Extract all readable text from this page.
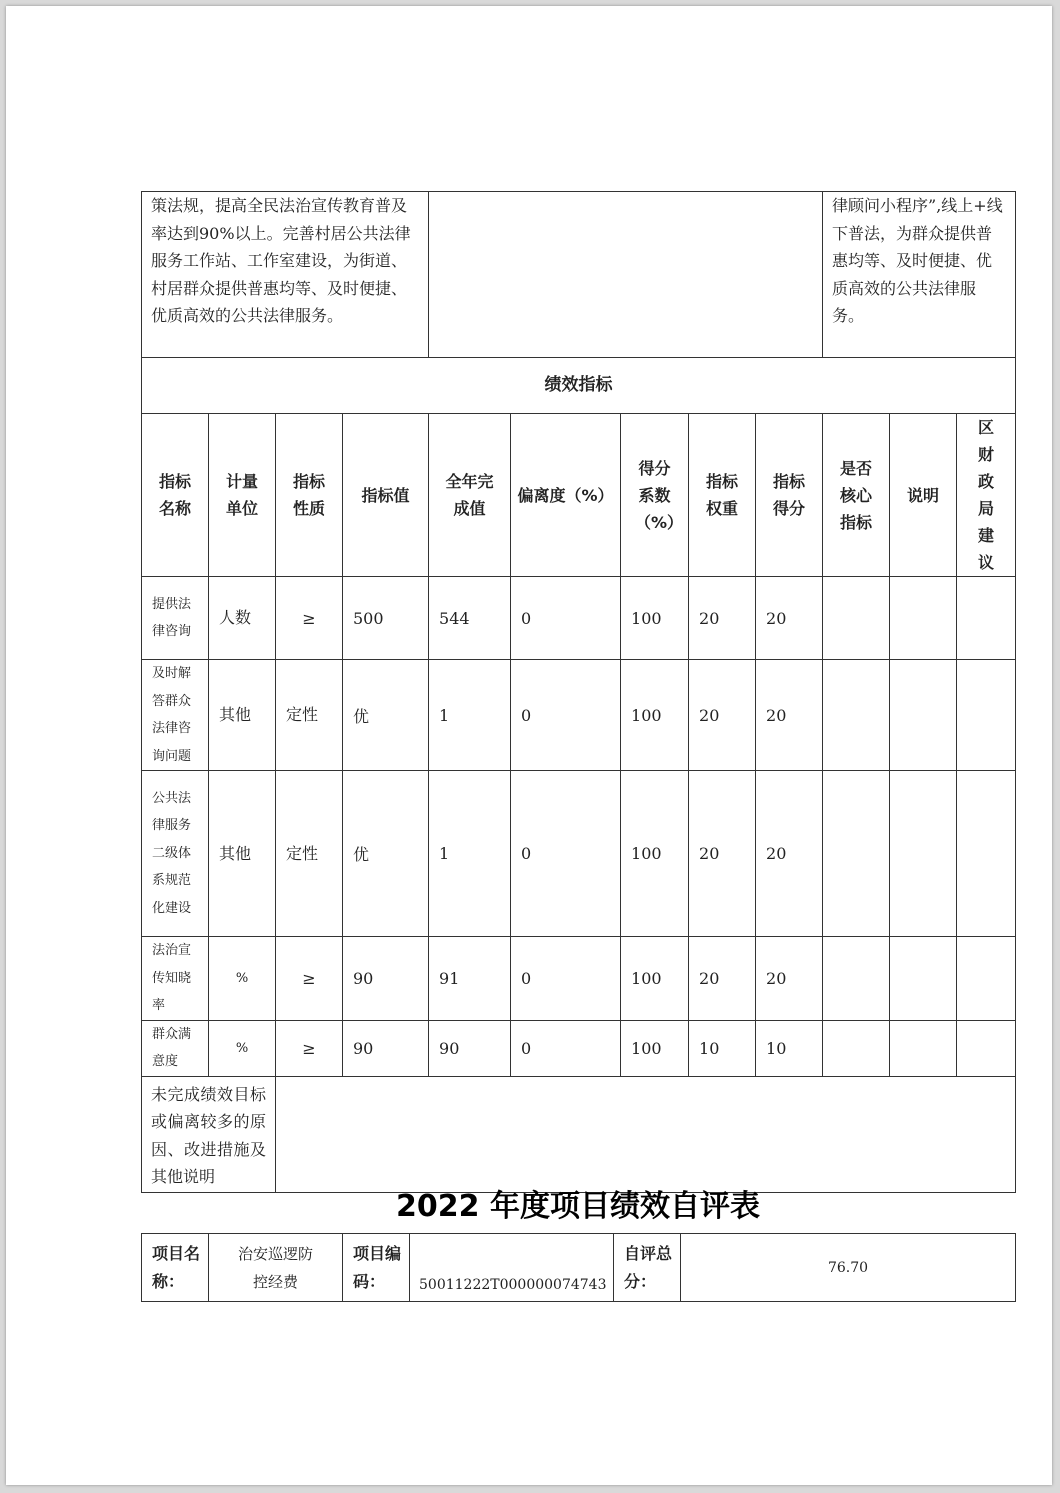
策法规，提高全民法治宣传教育普及率达到90%以上。完善村居公共法律服务工作站、工作室建设，为街道、村居群众提供普惠均等、及时便捷、优质高效的公共法律服务。									律顾问小程序”,线上+线下普法，为群众提供普惠均等、及时便捷、优质高效的公共法律服务。		
绩效指标											
指标名称	计量单位	指标性质	指标值	全年完成值	偏离度（%）	得分系数（%）	指标权重	指标得分	是否核心指标	说明	区财政局建议
提供法律咨询	人数	≥	500	544	0	100	20	20			
及时解答群众法律咨询问题	其他	定性	优	1	0	100	20	20			
公共法律服务二级体系规范化建设	其他	定性	优	1	0	100	20	20			
法治宣传知晓率	%	≥	90	91	0	100	20	20			
群众满意度	%	≥	90	90	0	100	10	10			
未完成绩效目标或偏离较多的原因、改进措施及其他说明											
2022 年度项目绩效自评表
项目名称：	治安巡逻防控经费	项目编码：	50011222T000000074743	自评总分：	76.70
